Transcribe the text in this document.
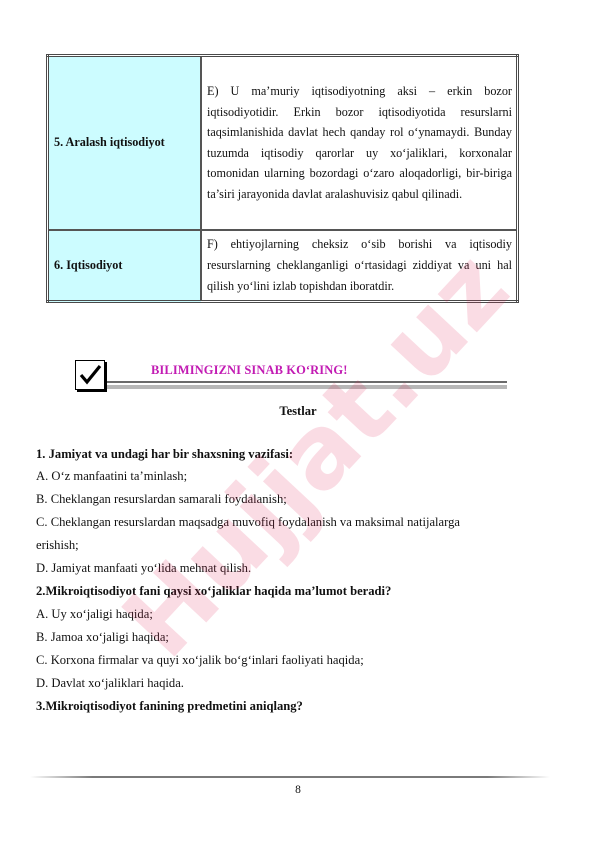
5. Aralash iqtisodiyot	E) U ma’muriy iqtisodiyotning aksi – erkin bozor iqtisodiyotidir. Erkin bozor iqtisodiyotida resurslarni taqsimlanishida davlat hech qanday rol o‘ynamaydi. Bunday tuzumda iqtisodiy qarorlar uy xo‘jaliklari, korxonalar tomonidan ularning bozordagi o‘zaro aloqadorligi, bir-biriga ta’siri jarayonida davlat aralashuvisiz qabul qilinadi.
6. Iqtisodiyot	F) ehtiyojlarning cheksiz o‘sib borishi va iqtisodiy resurslarning cheklanganligi o‘rtasidagi ziddiyat va uni hal qilish yo‘lini izlab topishdan iboratdir.
BILIMINGIZNI SINAB KO‘RING!
Testlar
1. Jamiyat va undagi har bir shaxsning vazifasi:
A. O‘z manfaatini ta’minlash;
B. Cheklangan resurslardan samarali foydalanish;
C. Cheklangan resurslardan maqsadga muvofiq foydalanish va maksimal natijalarga
erishish;
D. Jamiyat manfaati yo‘lida mehnat qilish.
2.Mikroiqtisodiyot fani qaysi xo‘jaliklar haqida ma’lumot beradi?
A. Uy xo‘jaligi haqida;
B. Jamoa xo‘jaligi haqida;
C. Korxona firmalar va quyi xo‘jalik bo‘g‘inlari faoliyati haqida;
D. Davlat xo‘jaliklari haqida.
3.Mikroiqtisodiyot fanining predmetini aniqlang?
8
Hujjat.uz
